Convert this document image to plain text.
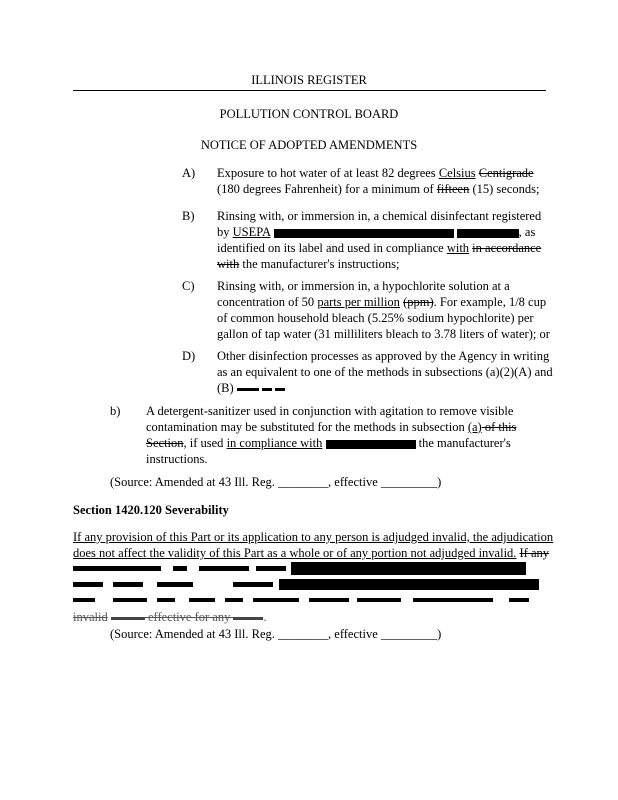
ILLINOIS REGISTER
POLLUTION CONTROL BOARD
NOTICE OF ADOPTED AMENDMENTS
A) Exposure to hot water of at least 82 degrees Celsius Centigrade
(180 degrees Fahrenheit) for a minimum of fifteen (15) seconds;
B) Rinsing with, or immersion in, a chemical disinfectant registered
by USEPA	, as
identified on its label and used in compliance with in accordance
with the manufacturer's instructions;
C) Rinsing with, or immersion in, a hypochlorite solution at a
concentration of 50 parts per million (ppm). For example, 1/8 cup
of common household bleach (5.25% sodium hypochlorite) per
gallon of tap water (31 milliliters bleach to 3.78 liters of water); or
D) Other disinfection processes as approved by the Agency in writing
as an equivalent to one of the methods in subsections (a)(2)(A) and
(B)
b) A detergent-sanitizer used in conjunction with agitation to remove visible
contamination may be substituted for the methods in subsection (a) of this
Section, if used in compliance with	the manufacturer's
instructions.
(Source: Amended at 43 Ill. Reg. ________, effective _________)
Section 1420.120 Severability
If any provision of this Part or its application to any person is adjudged invalid, the adjudication
does not affect the validity of this Part as a whole or of any portion not adjudged invalid. If any
invalid	effective for any .
(Source: Amended at 43 Ill. Reg. ________, effective _________)
